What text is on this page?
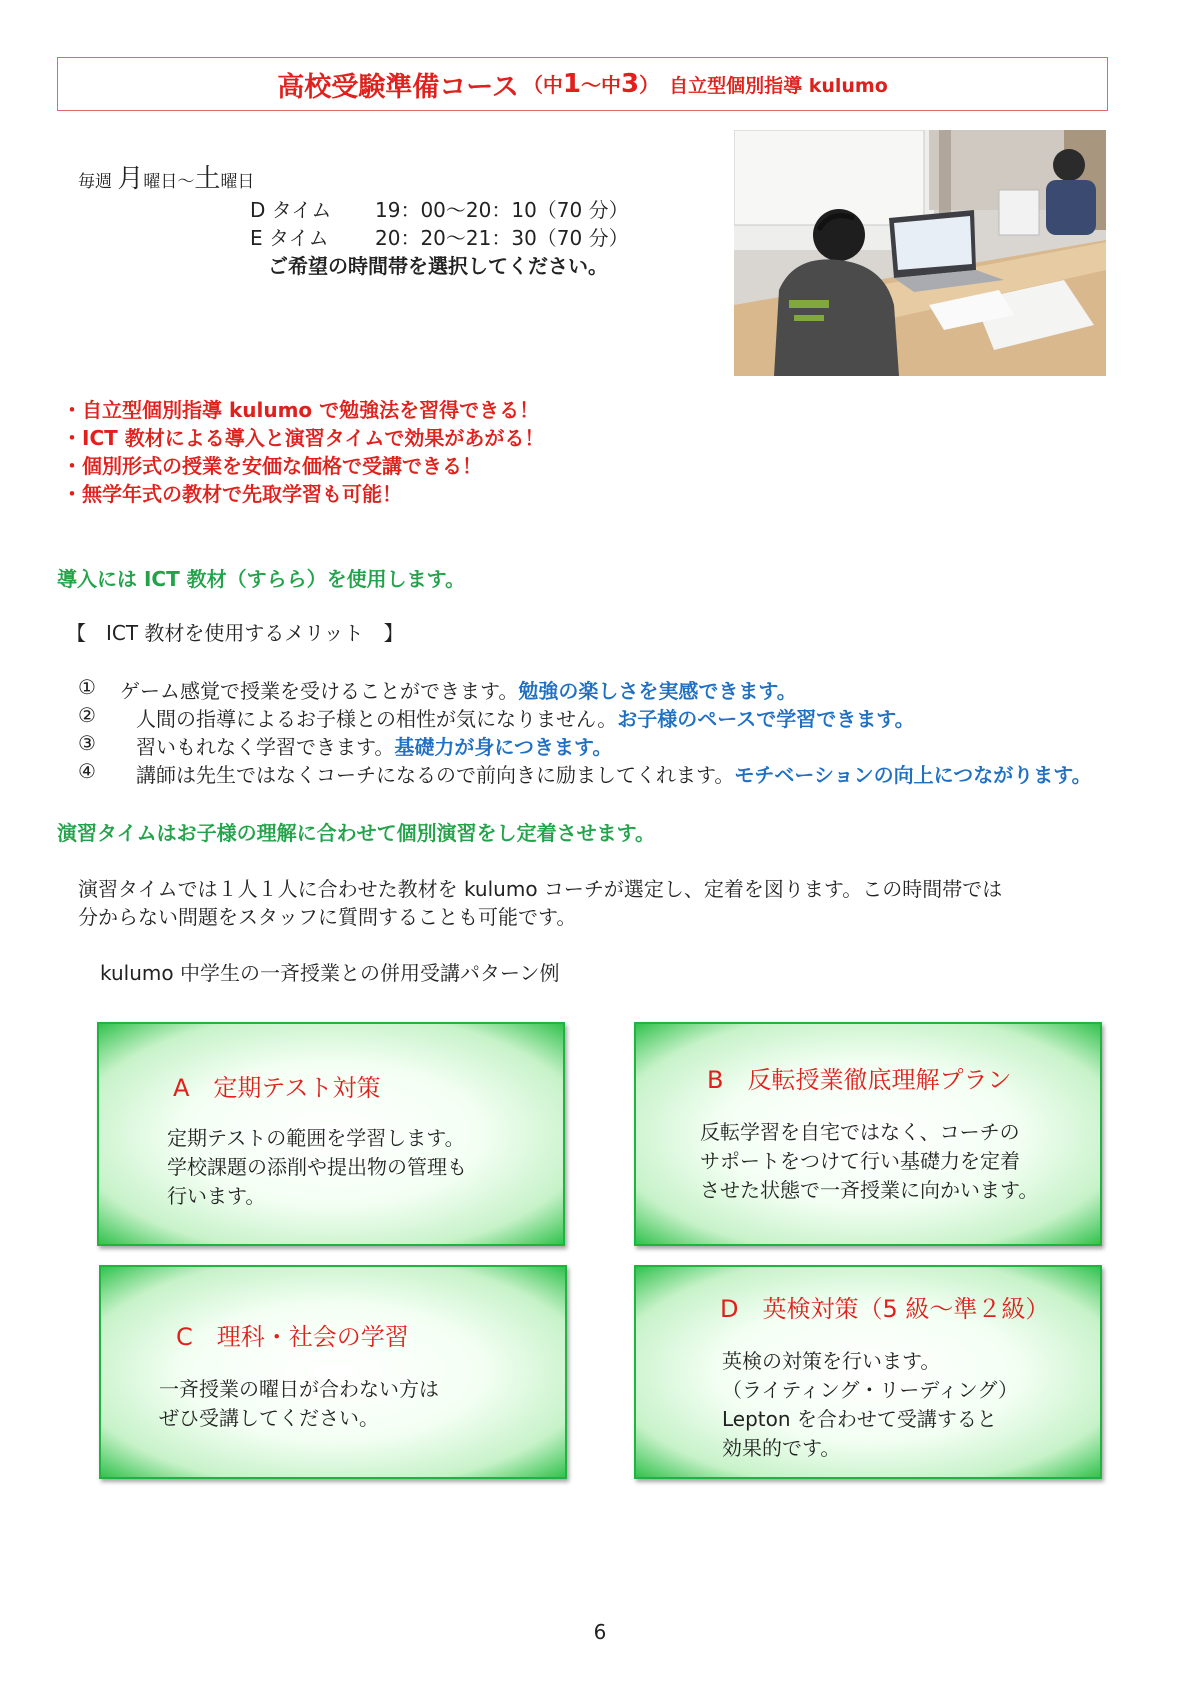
高校受験準備コース （中1～中3） 自立型個別指導 kulumo
毎週 月曜日～土曜日
D タイム 19：00～20：10（70 分）
E タイム 20：20～21：30（70 分）
ご希望の時間帯を選択してください。
・自立型個別指導 kulumo で勉強法を習得できる！
・ICT 教材による導入と演習タイムで効果があがる！
・個別形式の授業を安価な価格で受講できる！
・無学年式の教材で先取学習も可能！
導入には ICT 教材（すらら）を使用します。
【　ICT 教材を使用するメリット　】
① ゲーム感覚で授業を受けることができます。勉強の楽しさを実感できます。
② 人間の指導によるお子様との相性が気になりません。お子様のペースで学習できます。
③ 習いもれなく学習できます。基礎力が身につきます。
④ 講師は先生ではなくコーチになるので前向きに励ましてくれます。モチベーションの向上につながります。
演習タイムはお子様の理解に合わせて個別演習をし定着させます。
演習タイムでは１人１人に合わせた教材を kulumo コーチが選定し、定着を図ります。この時間帯では
分からない問題をスタッフに質問することも可能です。
kulumo 中学生の一斉授業との併用受講パターン例
A　定期テスト対策
定期テストの範囲を学習します。
学校課題の添削や提出物の管理も
行います。
B　反転授業徹底理解プラン
反転学習を自宅ではなく、コーチの
サポートをつけて行い基礎力を定着
させた状態で一斉授業に向かいます。
C　理科・社会の学習
一斉授業の曜日が合わない方は
ぜひ受講してください。
D　英検対策（5 級～準２級）
英検の対策を行います。
（ライティング・リーディング）
Lepton を合わせて受講すると
効果的です。
6
